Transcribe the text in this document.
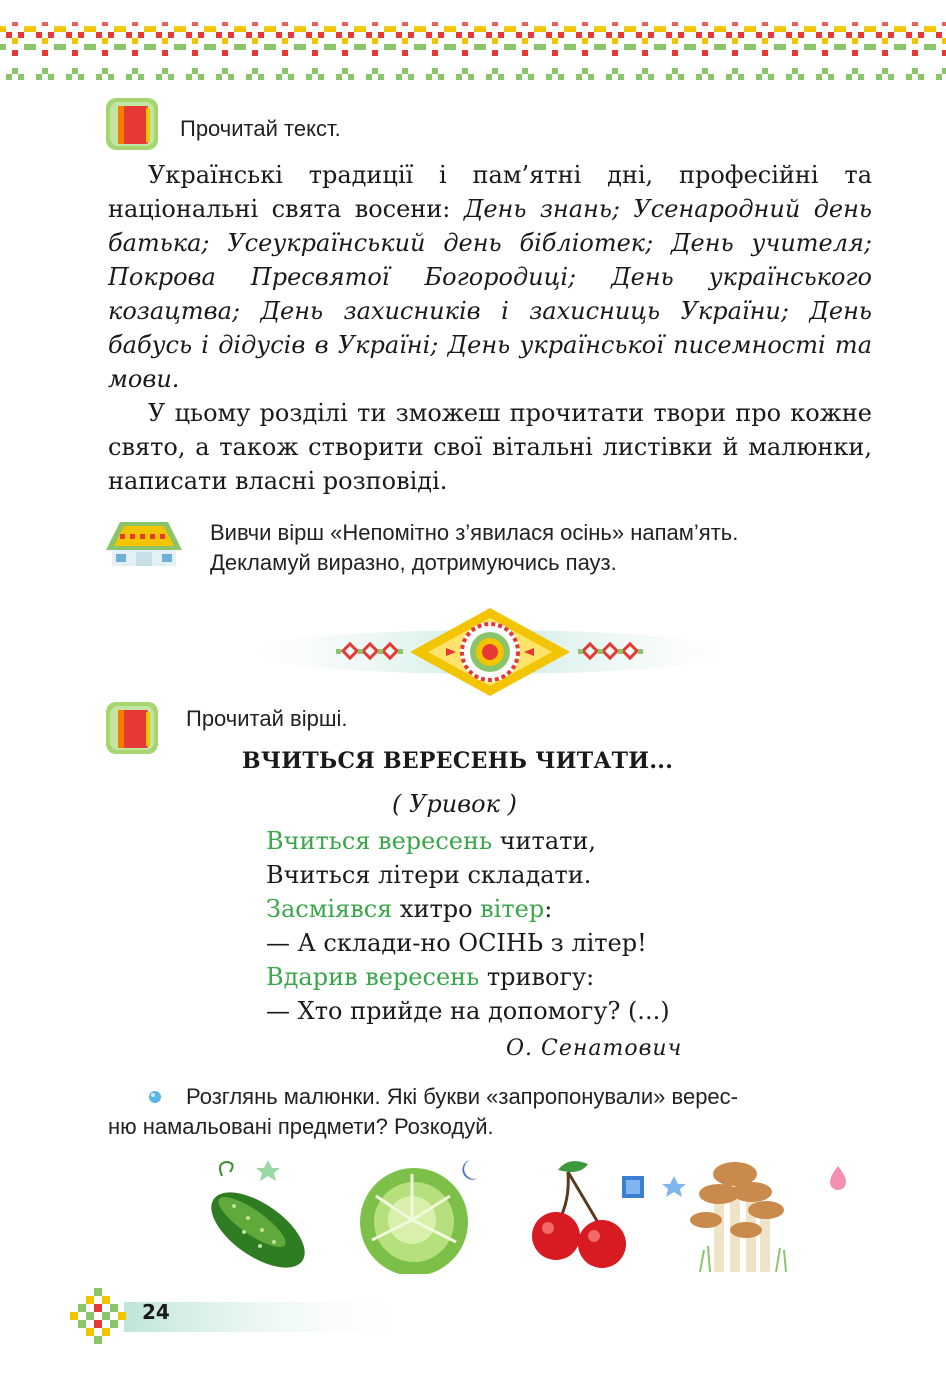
Прочитай текст.
Українські традиції і пам’ятні дні, професійні та національні свята восени: День знань; Усенародний день батька; Усеукраїнський день бібліотек; День учителя; Покрова Пресвятої Богородиці; День українського козацтва; День захисників і захисниць України; День бабусь і дідусів в Україні; День української писемності та мови.
У цьому розділі ти зможеш прочитати твори про кожне свято, а також створити свої вітальні листівки й малюнки, написати власні розповіді.
Вивчи вірш «Непомітно з’явилася осінь» напам’ять.
Декламуй виразно, дотримуючись пауз.
Прочитай вірші.
ВЧИТЬСЯ ВЕРЕСЕНЬ ЧИТАТИ...
( Уривок )
Вчиться вересень читати,
Вчиться літери складати.
Засміявся хитро вітер:
— А склади-но ОСІНЬ з літер!
Вдарив вересень тривогу:
— Хто прийде на допомогу? (...)
О. Сенатович
Розглянь малюнки. Які букви «запропонували» верес-
ню намальовані предмети? Розкодуй.
24
